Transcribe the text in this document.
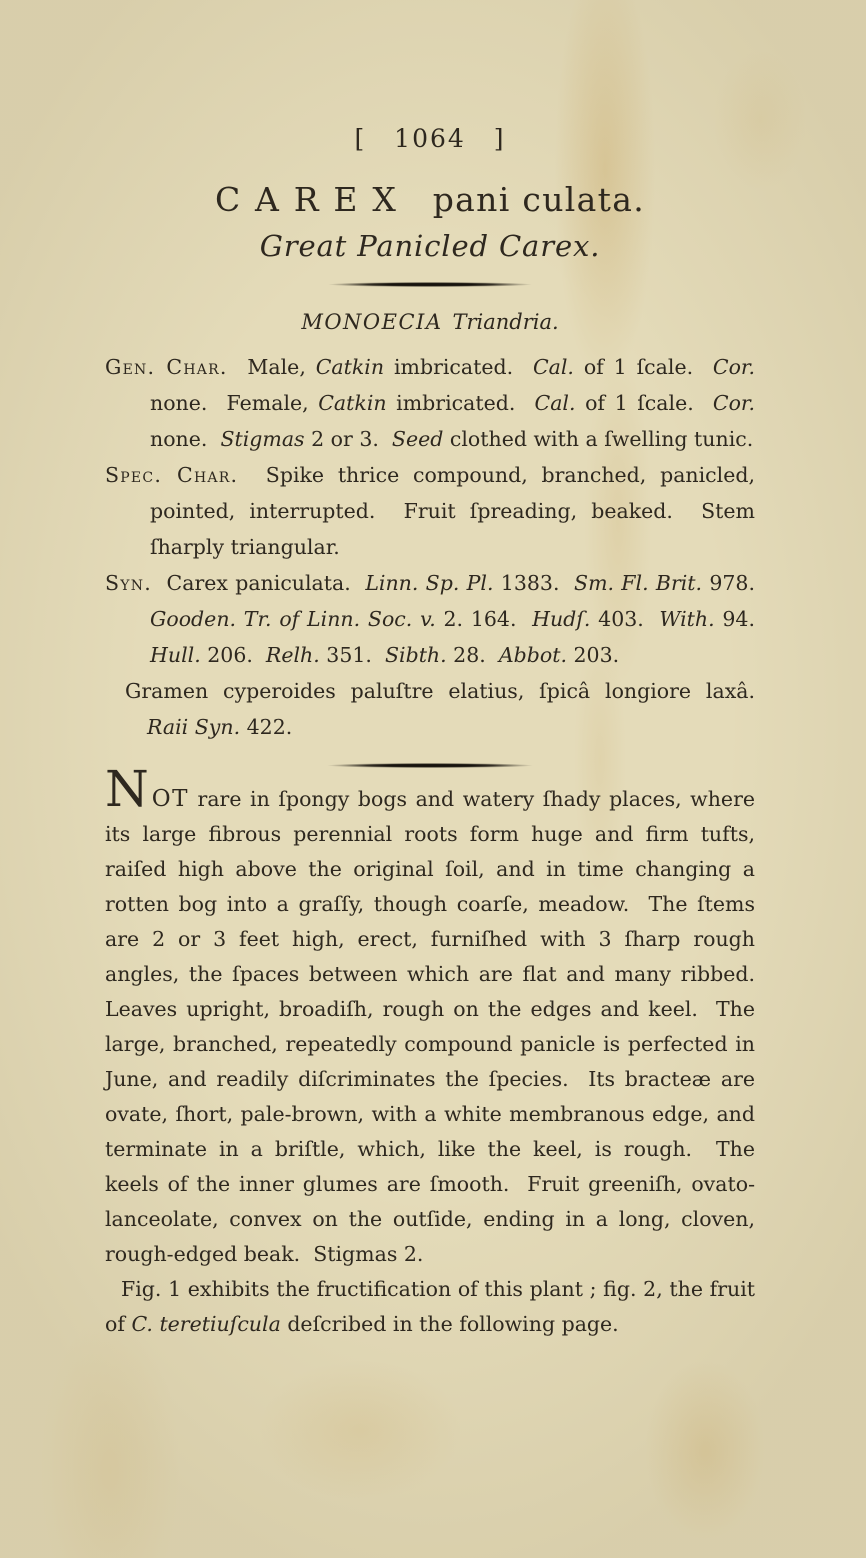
[ 1064 ]
CAREX pani culata.
Great Panicled Carex.
MONOECIA Triandria.

Gen. Char.  Male, Catkin imbricated.  Cal. of 1 ſcale.  Cor. none.  Female, Catkin imbricated.  Cal. of 1 ſcale.  Cor. none.  Stigmas 2 or 3.  Seed clothed with a ſwelling tunic.

Spec. Char.  Spike thrice compound, branched, panicled, pointed, interrupted.  Fruit ſpreading, beaked.  Stem ſharply triangular.

Syn.  Carex paniculata.  Linn. Sp. Pl. 1383.  Sm. Fl. Brit. 978.  Gooden. Tr. of Linn. Soc. v. 2. 164.  Hudſ. 403.  With. 94.  Hull. 206.  Relh. 351.  Sibth. 28.  Abbot. 203.

Gramen cyperoides paluſtre elatius, ſpicâ longiore laxâ.  Raii Syn. 422.

NOT rare in ſpongy bogs and watery ſhady places, where its large fibrous perennial roots form huge and firm tufts, raiſed high above the original ſoil, and in time changing a rotten bog into a graſſy, though coarſe, meadow.  The ſtems are 2 or 3 feet high, erect, furniſhed with 3 ſharp rough angles, the ſpaces between which are flat and many ribbed.  Leaves upright, broadiſh, rough on the edges and keel.  The large, branched, repeatedly compound panicle is perfected in June, and readily diſcriminates the ſpecies.  Its bracteæ are ovate, ſhort, pale-brown, with a white membranous edge, and terminate in a briſtle, which, like the keel, is rough.  The keels of the inner glumes are ſmooth.  Fruit greeniſh, ovato-lanceolate, convex on the outſide, ending in a long, cloven, rough-edged beak.  Stigmas 2.

Fig. 1 exhibits the fructification of this plant ; fig. 2, the fruit of C. teretiuſcula deſcribed in the following page.
